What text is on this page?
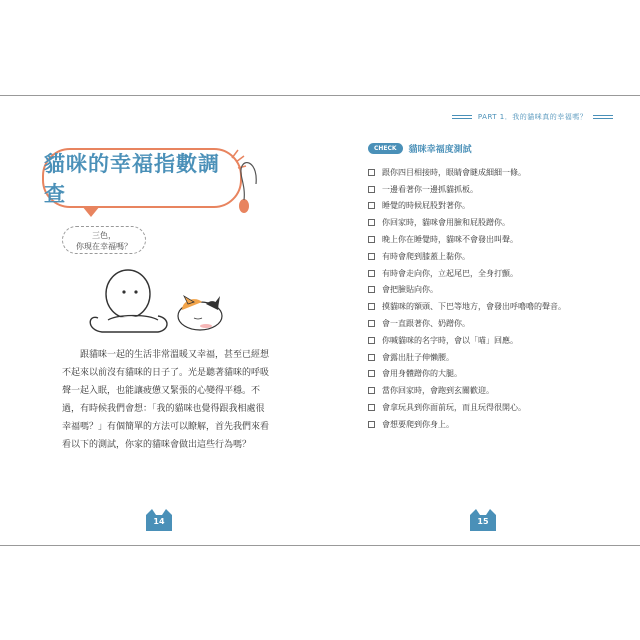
貓咪的幸福指數調查
三色，
你現在幸福嗎？
跟貓咪一起的生活非常溫暖又幸福，甚至已經想不起來以前沒有貓咪的日子了。光是聽著貓咪的呼吸聲一起入眠，也能讓疲憊又緊張的心變得平穩。不過，有時候我們會想：「我的貓咪也覺得跟我相處很幸福嗎？」有個簡單的方法可以瞭解，首先我們來看看以下的測試，你家的貓咪會做出這些行為嗎？
14
PART 1．我的貓咪真的幸福嗎？
CHECK	貓咪幸福度測試
跟你四目相接時，眼睛會瞇成細細一條。
一邊看著你一邊抓貓抓板。
睡覺的時候屁股對著你。
你回家時，貓咪會用臉和屁股蹭你。
晚上你在睡覺時，貓咪不會發出叫聲。
有時會爬到膝蓋上黏你。
有時會走向你，立起尾巴，全身打顫。
會把臉貼向你。
摸貓咪的額頭、下巴等地方，會發出呼嚕嚕的聲音。
會一直跟著你、奶蹭你。
你喊貓咪的名字時，會以「喵」回應。
會露出肚子伸懶腰。
會用身體蹭你的大腿。
當你回家時，會跑到玄關歡迎。
會拿玩具到你面前玩，而且玩得很開心。
會想要爬到你身上。
15
